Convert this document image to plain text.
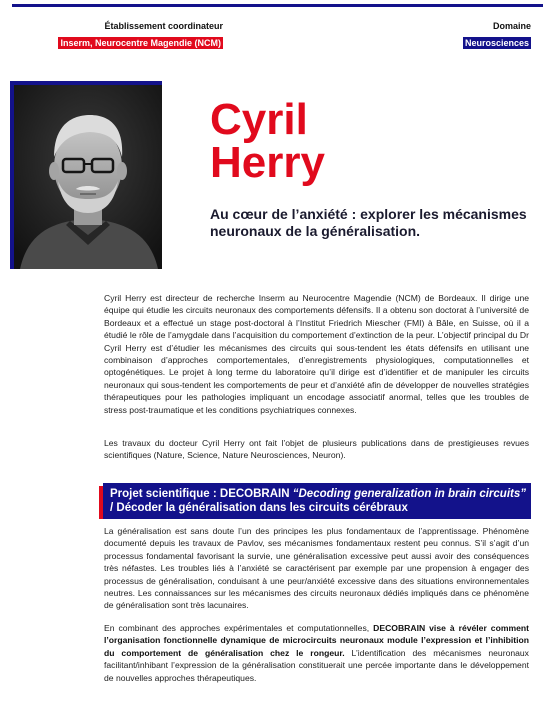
Établissement coordinateur
Inserm, Neurocentre Magendie (NCM)
Domaine
Neurosciences
Cyril
Herry
Au cœur de l’anxiété : explorer les mécanismes neuronaux de la généralisation.
Cyril Herry est directeur de recherche Inserm au Neurocentre Magendie (NCM) de Bordeaux. Il dirige une équipe qui étudie les circuits neuronaux des comportements défensifs. Il a obtenu son doctorat à l’université de Bordeaux et a effectué un stage post-doctoral à l’Institut Friedrich Miescher (FMI) à Bâle, en Suisse, où il a étudié le rôle de l’amygdale dans l’acquisition du comportement d’extinction de la peur. L’objectif principal du Dr Cyril Herry est d’étudier les mécanismes des circuits qui sous-tendent les états défensifs en utilisant une combinaison d’approches comportementales, d’enregistrements physiologiques, computationnelles et optogénétiques. Le projet à long terme du laboratoire qu’il dirige est d’identifier et de manipuler les circuits neuronaux qui sous-tendent les comportements de peur et d’anxiété afin de développer de nouvelles stratégies thérapeutiques pour les pathologies impliquant un encodage associatif anormal, telles que les troubles de stress post-traumatique et les conditions psychiatriques connexes.
Les travaux du docteur Cyril Herry ont fait l’objet de plusieurs publications dans de prestigieuses revues scientifiques (Nature, Science, Nature Neurosciences, Neuron).
Projet scientifique : DECOBRAIN “Decoding generalization in brain circuits” / Décoder la généralisation dans les circuits cérébraux
La généralisation est sans doute l’un des principes les plus fondamentaux de l’apprentissage. Phénomène documenté depuis les travaux de Pavlov, ses mécanismes fondamentaux restent peu connus. S’il s’agit d’un processus fondamental favorisant la survie, une généralisation excessive peut aussi avoir des conséquences très néfastes. Les troubles liés à l’anxiété se caractérisent par exemple par une propension à engager des processus de généralisation, conduisant à une peur/anxiété excessive dans des situations environnementales neutres. Les connaissances sur les mécanismes des circuits neuronaux dédiés impliqués dans ce phénomène de généralisation sont très lacunaires.
En combinant des approches expérimentales et computationnelles, DECOBRAIN vise à révéler comment l’organisation fonctionnelle dynamique de microcircuits neuronaux module l’expression et l’inhibition du comportement de généralisation chez le rongeur. L’identification des mécanismes neuronaux facilitant/inhibant l’expression de la généralisation constituerait une percée importante dans le développement de nouvelles approches thérapeutiques.
